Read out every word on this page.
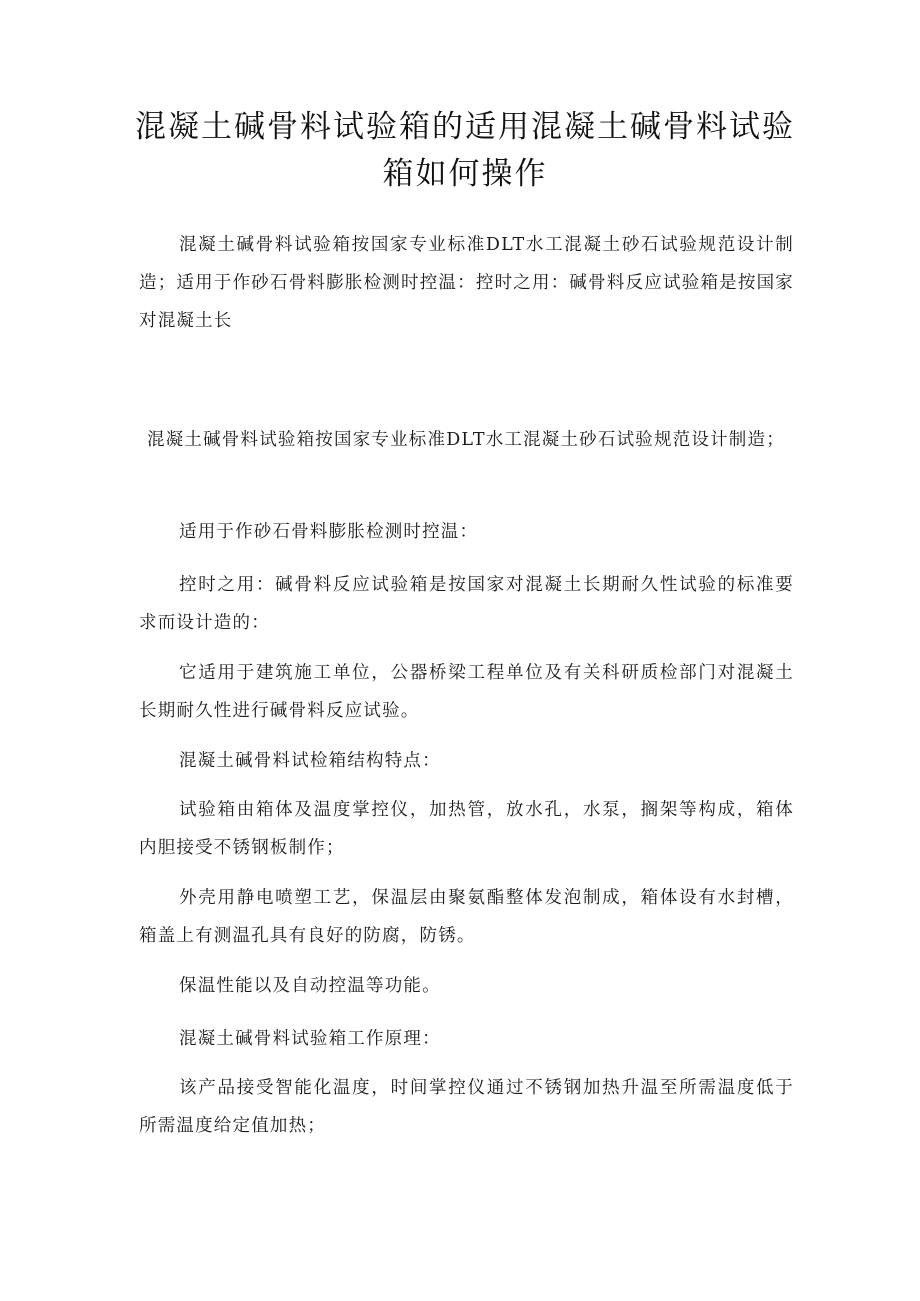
混凝土碱骨料试验箱的适用混凝土碱骨料试验箱如何操作

混凝土碱骨料试验箱按国家专业标准DLT水工混凝土砂石试验规范设计制造；适用于作砂石骨料膨胀检测时控温：控时之用：碱骨料反应试验箱是按国家对混凝土长

混凝土碱骨料试验箱按国家专业标准DLT水工混凝土砂石试验规范设计制造；

适用于作砂石骨料膨胀检测时控温：

控时之用：碱骨料反应试验箱是按国家对混凝土长期耐久性试验的标准要求而设计造的：

它适用于建筑施工单位，公器桥梁工程单位及有关科研质检部门对混凝土长期耐久性进行碱骨料反应试验。

混凝土碱骨料试检箱结构特点：

试验箱由箱体及温度掌控仪，加热管，放水孔，水泵，搁架等构成，箱体内胆接受不锈钢板制作；

外壳用静电喷塑工艺，保温层由聚氨酯整体发泡制成，箱体设有水封槽，箱盖上有测温孔具有良好的防腐，防锈。

保温性能以及自动控温等功能。

混凝土碱骨料试验箱工作原理：

该产品接受智能化温度，时间掌控仪通过不锈钢加热升温至所需温度低于所需温度给定值加热；
